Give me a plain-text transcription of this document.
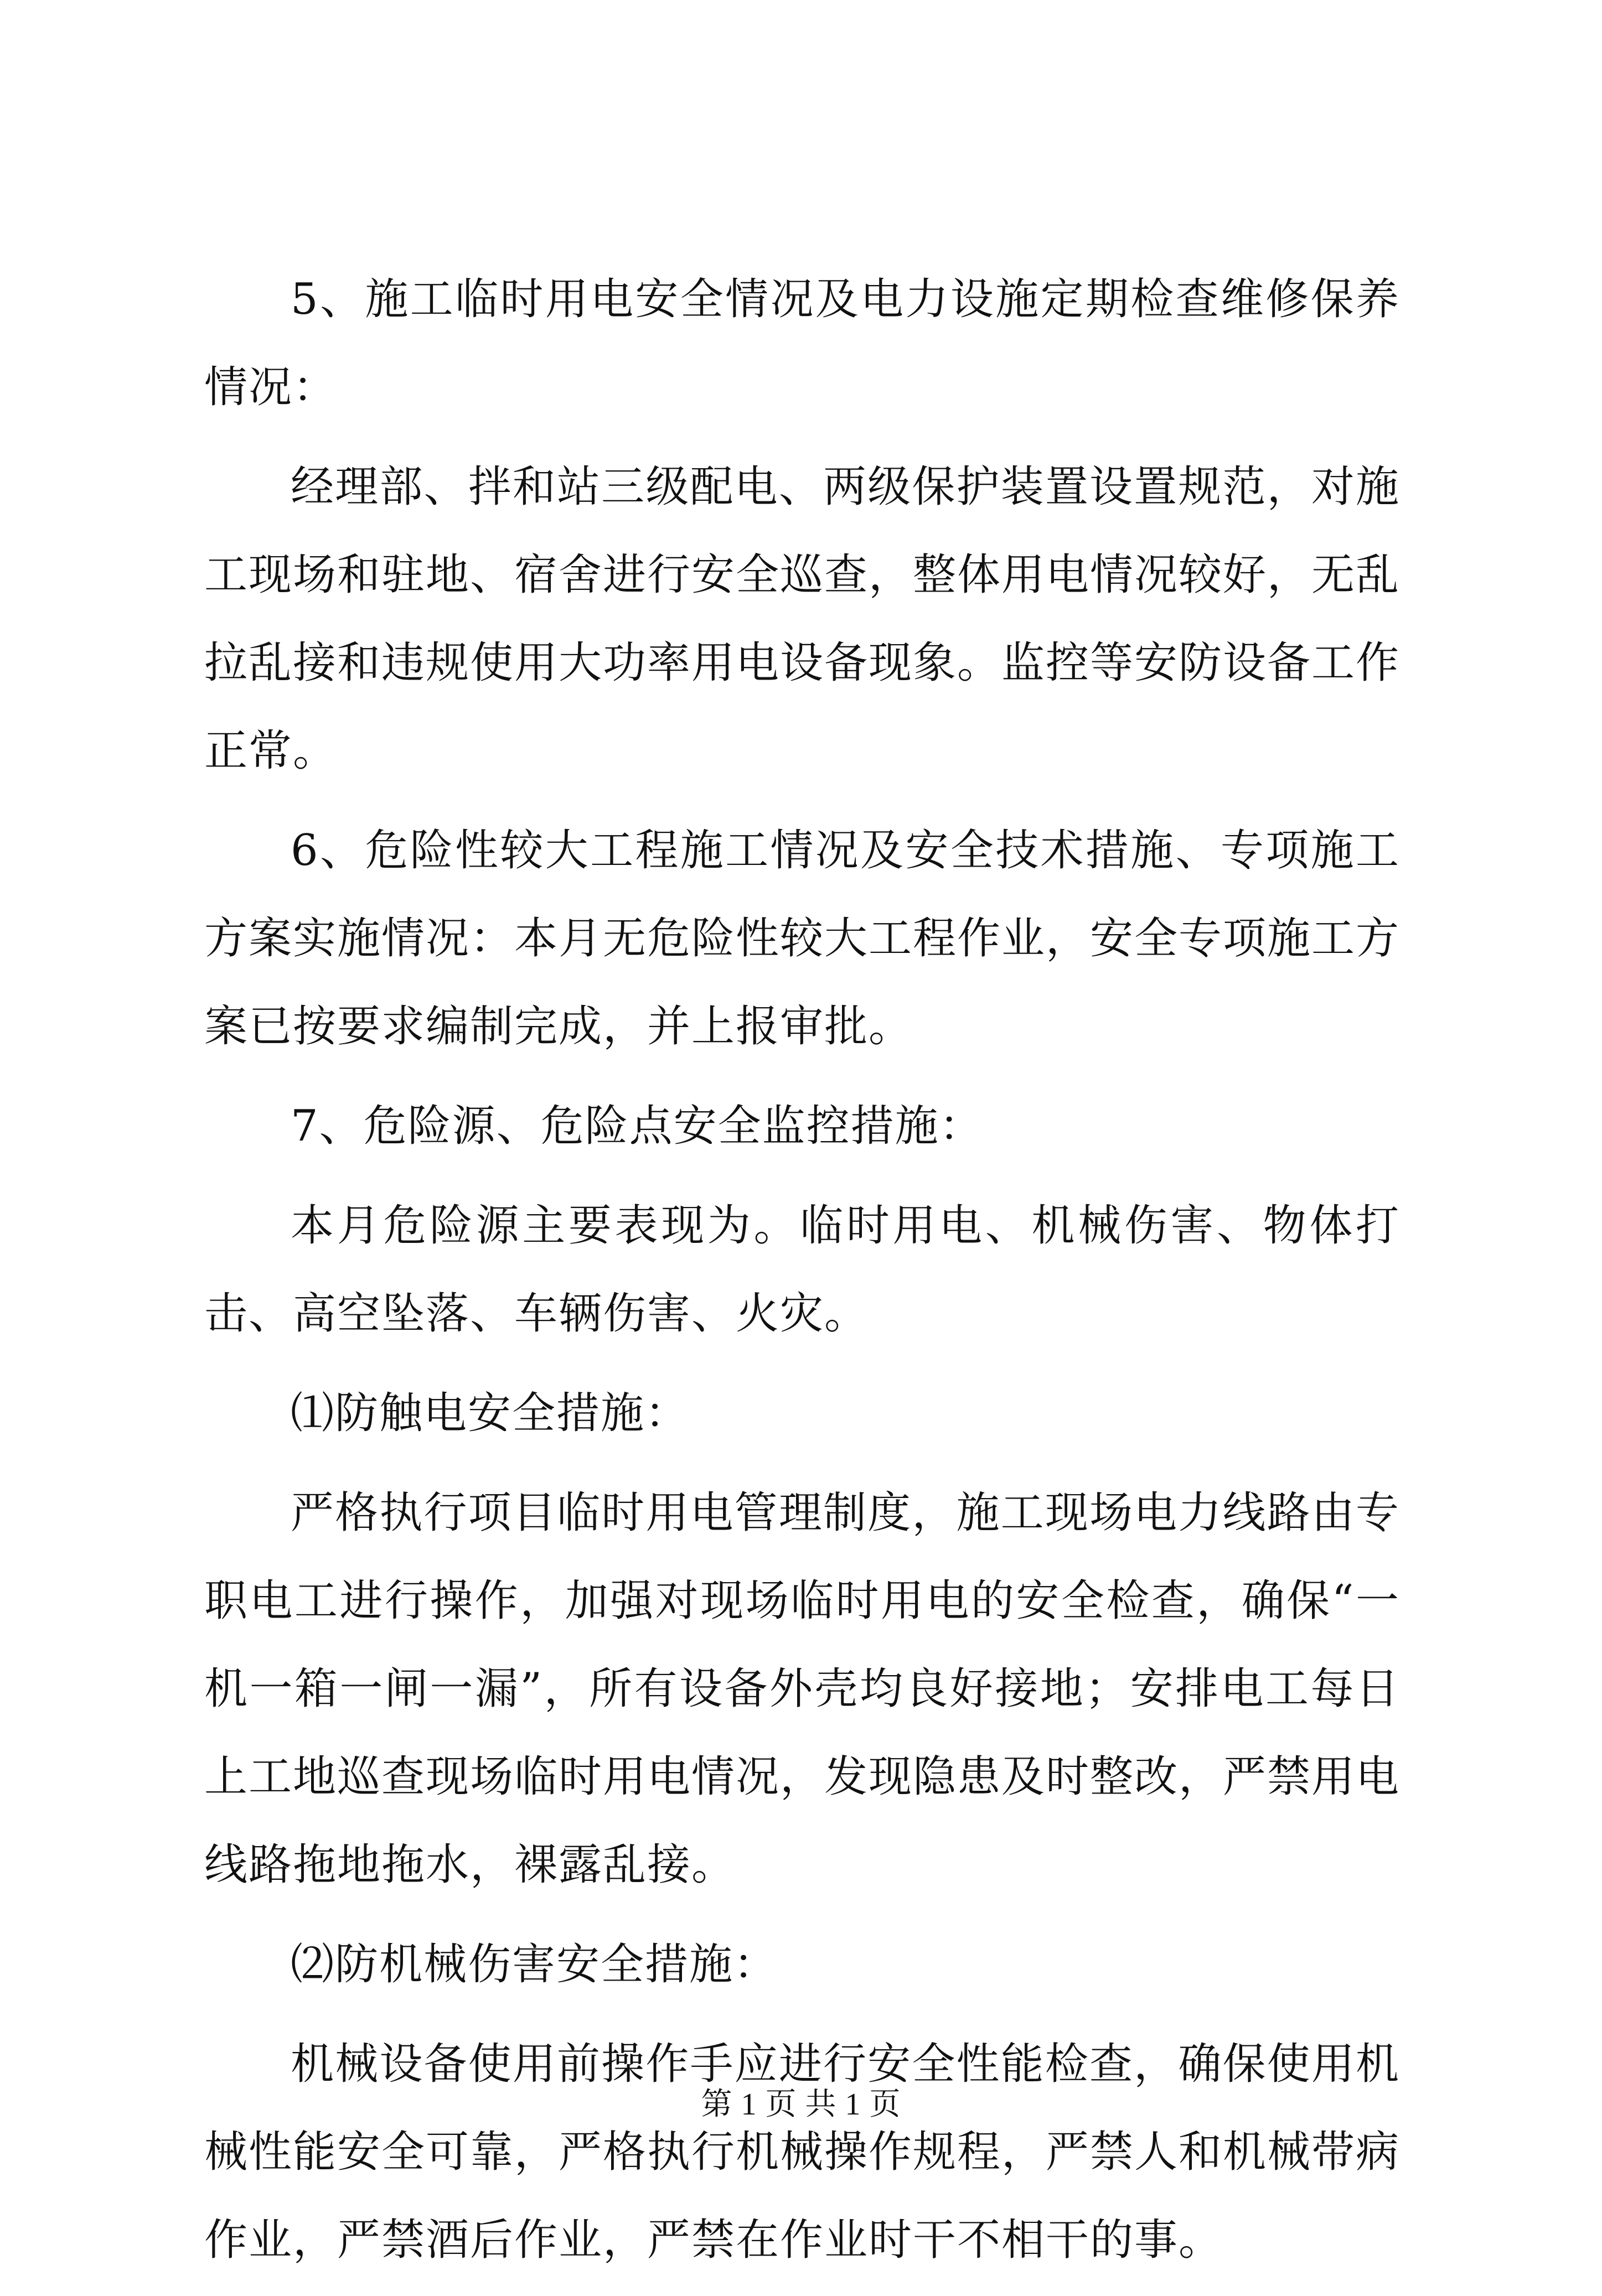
5、施工临时用电安全情况及电力设施定期检查维修保养情况：

经理部、拌和站三级配电、两级保护装置设置规范，对施工现场和驻地、宿舍进行安全巡查，整体用电情况较好，无乱拉乱接和违规使用大功率用电设备现象。监控等安防设备工作正常。

6、危险性较大工程施工情况及安全技术措施、专项施工方案实施情况：本月无危险性较大工程作业，安全专项施工方案已按要求编制完成，并上报审批。

7、危险源、危险点安全监控措施：

本月危险源主要表现为。临时用电、机械伤害、物体打击、高空坠落、车辆伤害、火灾。

⑴防触电安全措施：

严格执行项目临时用电管理制度，施工现场电力线路由专职电工进行操作，加强对现场临时用电的安全检查，确保“一机一箱一闸一漏”，所有设备外壳均良好接地；安排电工每日上工地巡查现场临时用电情况，发现隐患及时整改，严禁用电线路拖地拖水，裸露乱接。

⑵防机械伤害安全措施：

机械设备使用前操作手应进行安全性能检查，确保使用机械性能安全可靠，严格执行机械操作规程，严禁人和机械带病作业，严禁酒后作业，严禁在作业时干不相干的事。

第 1 页 共 1 页
